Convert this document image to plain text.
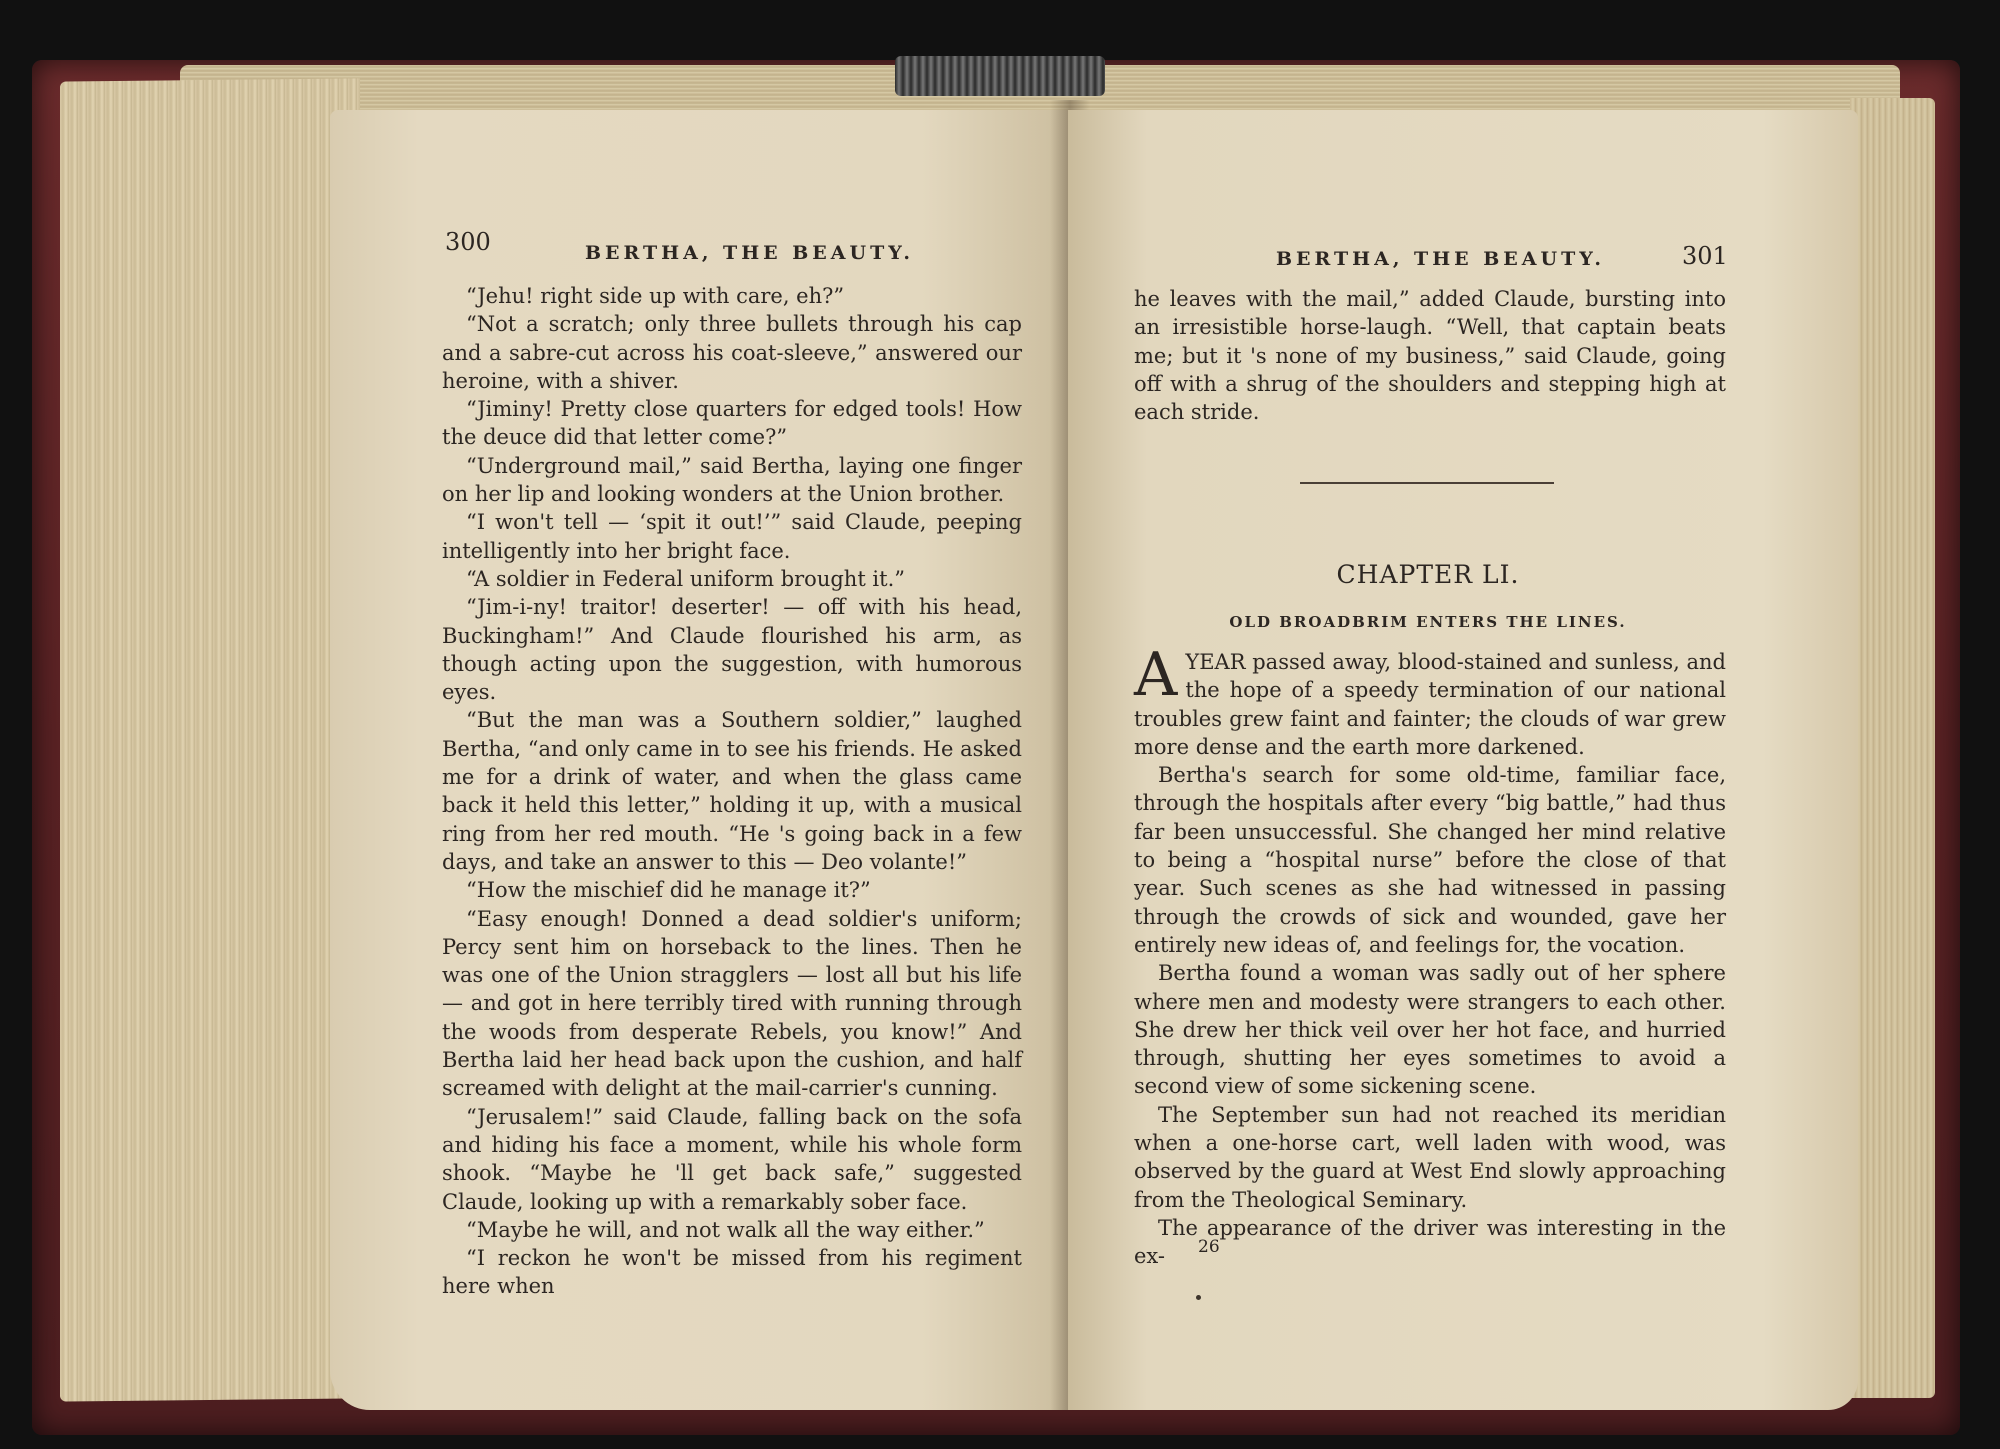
300	BERTHA, THE BEAUTY.

“Jehu! right side up with care, eh?”

“Not a scratch; only three bullets through his cap and a sabre-cut across his coat-sleeve,” answered our heroine, with a shiver.

“Jiminy! Pretty close quarters for edged tools! How the deuce did that letter come?”

“Underground mail,” said Bertha, laying one finger on her lip and looking wonders at the Union brother.

“I won't tell — ‘spit it out!’” said Claude, peeping intelligently into her bright face.

“A soldier in Federal uniform brought it.”

“Jim-i-ny! traitor! deserter! — off with his head, Buckingham!” And Claude flourished his arm, as though acting upon the suggestion, with humorous eyes.

“But the man was a Southern soldier,” laughed Bertha, “and only came in to see his friends. He asked me for a drink of water, and when the glass came back it held this letter,” holding it up, with a musical ring from her red mouth. “He 's going back in a few days, and take an answer to this — Deo volante!”

“How the mischief did he manage it?”

“Easy enough! Donned a dead soldier's uniform; Percy sent him on horseback to the lines. Then he was one of the Union stragglers — lost all but his life — and got in here terribly tired with running through the woods from desperate Rebels, you know!” And Bertha laid her head back upon the cushion, and half screamed with delight at the mail-carrier's cunning.

“Jerusalem!” said Claude, falling back on the sofa and hiding his face a moment, while his whole form shook. “Maybe he 'll get back safe,” suggested Claude, looking up with a remarkably sober face.

“Maybe he will, and not walk all the way either.”

“I reckon he won't be missed from his regiment here when

BERTHA, THE BEAUTY.	301

he leaves with the mail,” added Claude, bursting into an irresistible horse-laugh. “Well, that captain beats me; but it 's none of my business,” said Claude, going off with a shrug of the shoulders and stepping high at each stride.

CHAPTER LI.
OLD BROADBRIM ENTERS THE LINES.

AYEAR passed away, blood-stained and sunless, and the hope of a speedy termination of our national troubles grew faint and fainter; the clouds of war grew more dense and the earth more darkened.

Bertha's search for some old-time, familiar face, through the hospitals after every “big battle,” had thus far been unsuccessful. She changed her mind relative to being a “hospital nurse” before the close of that year. Such scenes as she had witnessed in passing through the crowds of sick and wounded, gave her entirely new ideas of, and feelings for, the vocation.

Bertha found a woman was sadly out of her sphere where men and modesty were strangers to each other. She drew her thick veil over her hot face, and hurried through, shutting her eyes sometimes to avoid a second view of some sickening scene.

The September sun had not reached its meridian when a one-horse cart, well laden with wood, was observed by the guard at West End slowly approaching from the Theological Seminary.

The appearance of the driver was interesting in the ex-	26
